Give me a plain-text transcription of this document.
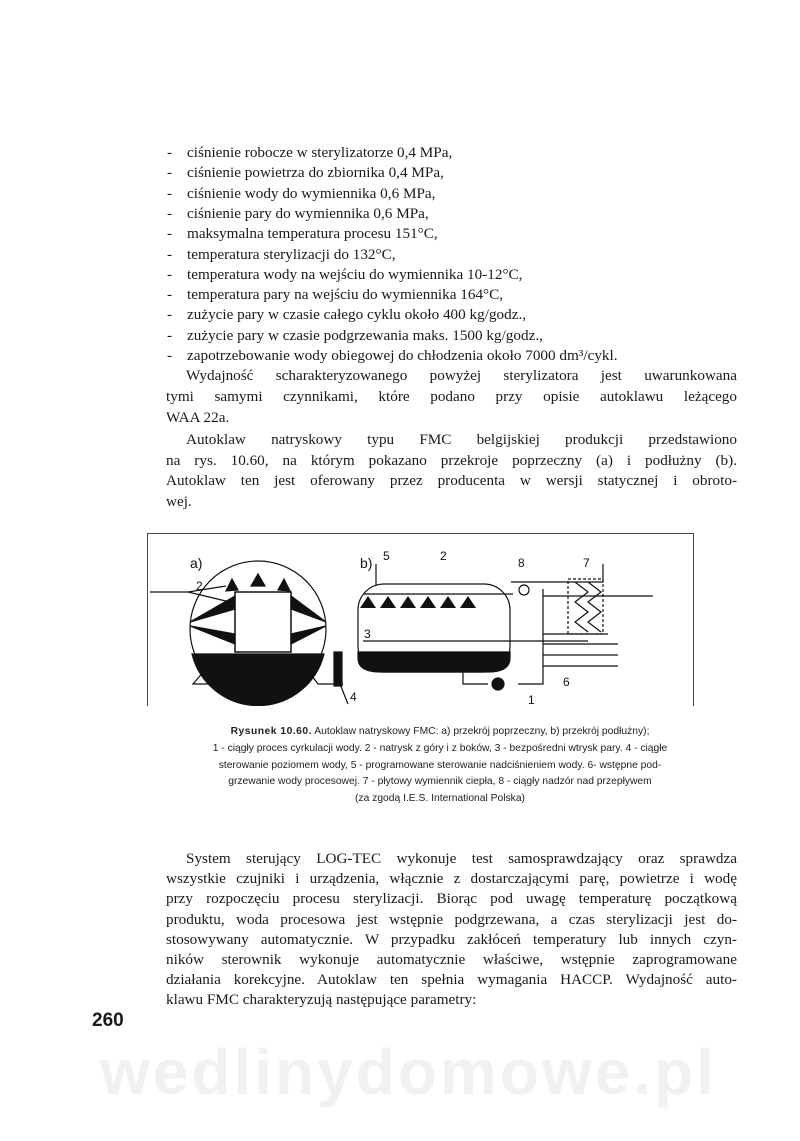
wedlinydomowe.pl
- ciśnienie robocze w sterylizatorze 0,4 MPa,
- ciśnienie powietrza do zbiornika 0,4 MPa,
- ciśnienie wody do wymiennika 0,6 MPa,
- ciśnienie pary do wymiennika 0,6 MPa,
- maksymalna temperatura procesu 151°C,
- temperatura sterylizacji do 132°C,
- temperatura wody na wejściu do wymiennika 10-12°C,
- temperatura pary na wejściu do wymiennika 164°C,
- zużycie pary w czasie całego cyklu około 400 kg/godz.,
- zużycie pary w czasie podgrzewania maks. 1500 kg/godz.,
- zapotrzebowanie wody obiegowej do chłodzenia około 7000 dm³/cykl.
Wydajność scharakteryzowanego powyżej sterylizatora jest uwarunkowana
tymi samymi czynnikami, które podano przy opisie autoklawu leżącego
WAA 22a.
Autoklaw natryskowy typu FMC belgijskiej produkcji przedstawiono
na rys. 10.60, na którym pokazano przekroje poprzeczny (a) i podłużny (b).
Autoklaw ten jest oferowany przez producenta w wersji statycznej i obroto-
wej.
a)	b)
2
4
2
3
5
6
7
8
1
Rysunek 10.60. Autoklaw natryskowy FMC: a) przekrój poprzeczny, b) przekrój podłużny);
1 - ciągły proces cyrkulacji wody. 2 - natrysk z góry i z boków, 3 - bezpośredni wtrysk pary. 4 - ciągłe
sterowanie poziomem wody, 5 - programowane sterowanie nadciśnieniem wody. 6- wstępne pod-
grzewanie wody procesowej. 7 - płytowy wymiennik ciepła, 8 - ciągły nadzór nad przepływem
(za zgodą I.E.S. International Polska)
System sterujący LOG-TEC wykonuje test samosprawdzający oraz sprawdza
wszystkie czujniki i urządzenia, włącznie z dostarczającymi parę, powietrze i wodę
przy rozpoczęciu procesu sterylizacji. Biorąc pod uwagę temperaturę początkową
produktu, woda procesowa jest wstępnie podgrzewana, a czas sterylizacji jest do-
stosowywany automatycznie. W przypadku zakłóceń temperatury lub innych czyn-
ników sterownik wykonuje automatycznie właściwe, wstępnie zaprogramowane
działania korekcyjne. Autoklaw ten spełnia wymagania HACCP. Wydajność auto-
klawu FMC charakteryzują następujące parametry:
260
